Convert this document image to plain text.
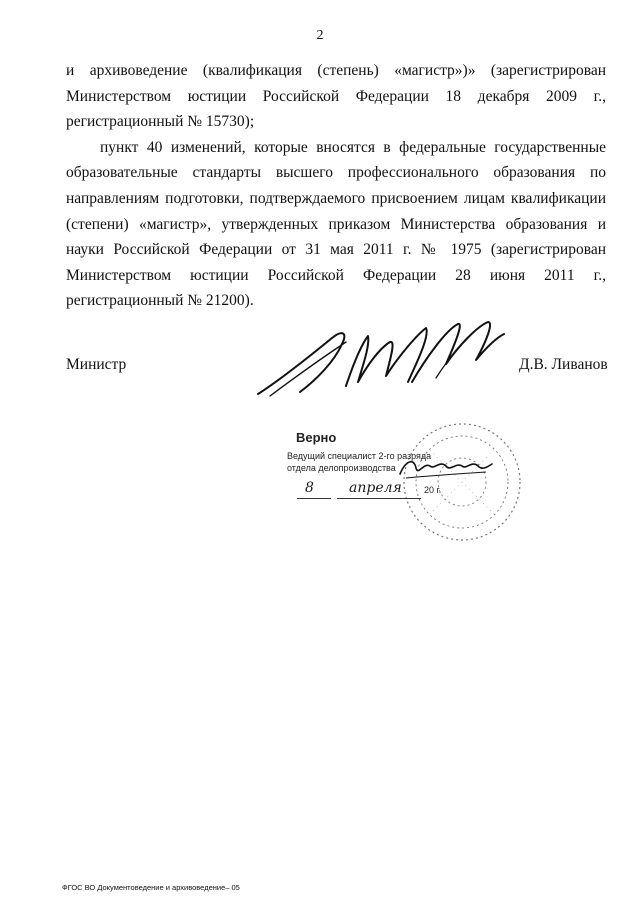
2

и архивоведение (квалификация (степень) «магистр»)» (зарегистрирован Министерством юстиции Российской Федерации 18 декабря 2009 г., регистрационный № 15730);

пункт 40 изменений, которые вносятся в федеральные государственные образовательные стандарты высшего профессионального образования по направлениям подготовки, подтверждаемого присвоением лицам квалификации (степени) «магистр», утвержденных приказом Министерства образования и науки Российской Федерации от 31 мая 2011 г. № 1975 (зарегистрирован Министерством юстиции Российской Федерации 28 июня 2011 г., регистрационный № 21200).

Министр	Д.В. Ливанов
Верно
Ведущий специалист 2-го разряда
отдела делопроизводства
8	апреля 20 г.
ФГОС ВО Документоведение и архивоведение– 05
